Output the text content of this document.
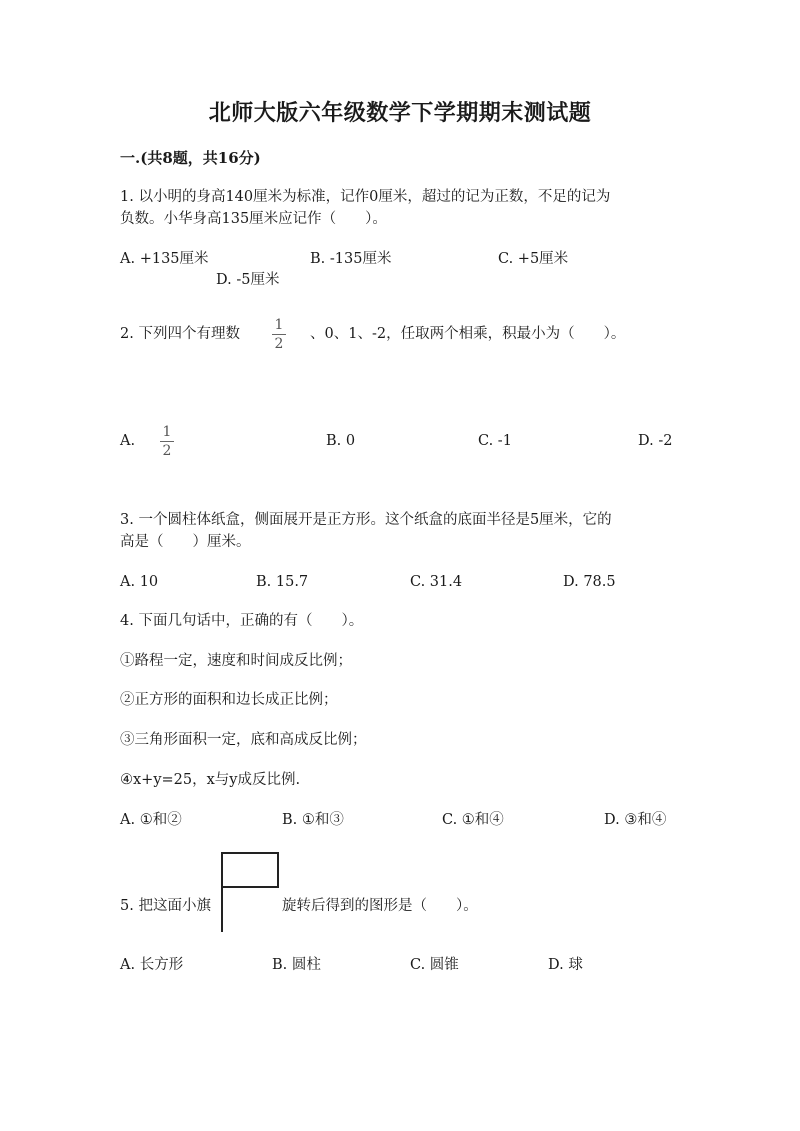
北师大版六年级数学下学期期末测试题
一.(共8题，共16分)
1. 以小明的身高140厘米为标准，记作0厘米，超过的记为正数，不足的记为
负数。小华身高135厘米应记作（　　）。
A. +135厘米	B. -135厘米	C. +5厘米
D. -5厘米
2. 下列四个有理数
1
2
、0、1、-2，任取两个相乘，积最小为（　　）。
A.
1
2
B. 0	C. -1	D. -2
3. 一个圆柱体纸盒，侧面展开是正方形。这个纸盒的底面半径是5厘米，它的
高是（　　）厘米。
A. 10	B. 15.7	C. 31.4	D. 78.5
4. 下面几句话中，正确的有（　　）。
①路程一定，速度和时间成反比例；
②正方形的面积和边长成正比例；
③三角形面积一定，底和高成反比例；
④x+y=25，x与y成反比例.
A. ①和②	B. ①和③	C. ①和④	D. ③和④
5. 把这面小旗	旋转后得到的图形是（　　）。
A. 长方形	B. 圆柱	C. 圆锥	D. 球
